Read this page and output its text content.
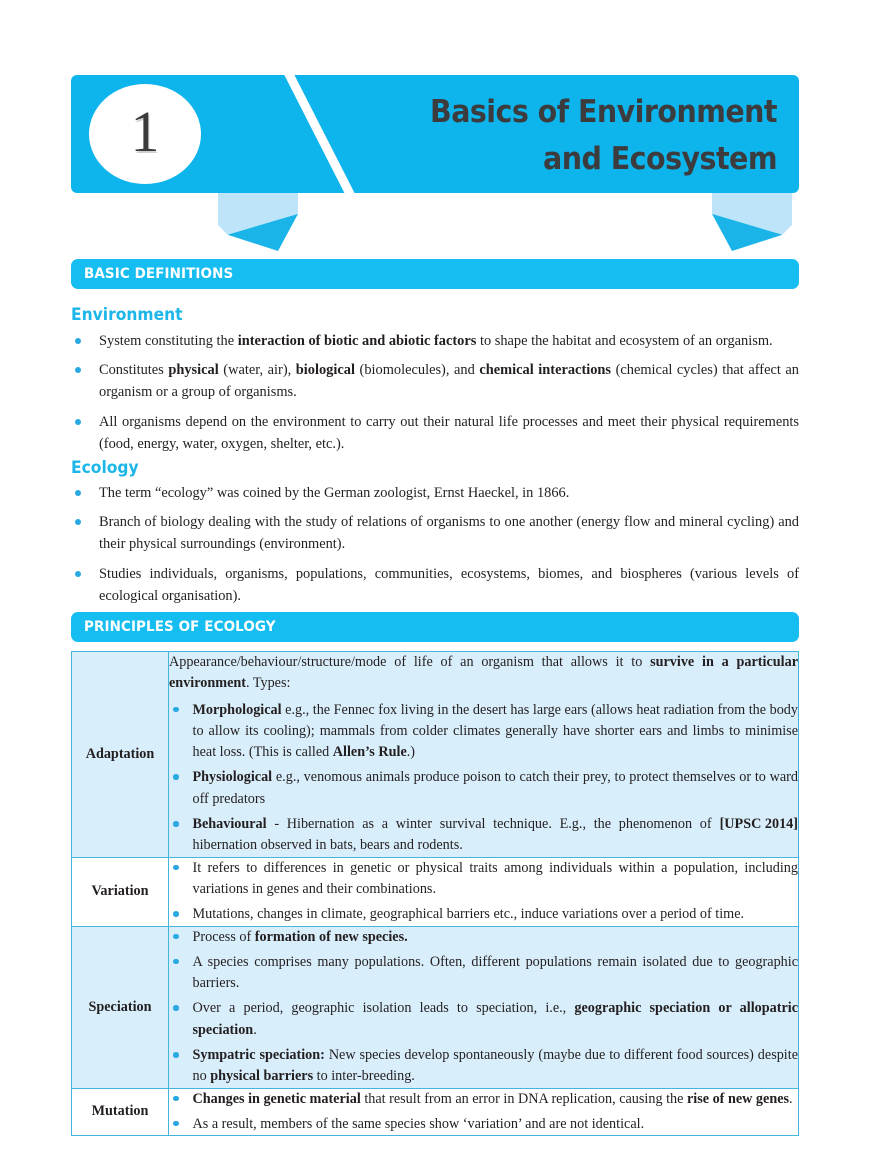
1	Basics of Environment
and Ecosystem
BASIC DEFINITIONS
Environment
System constituting the interaction of biotic and abiotic factors to shape the habitat and ecosystem of an organism.
Constitutes physical (water, air), biological (biomolecules), and chemical interactions (chemical cycles) that affect an organism or a group of organisms.
All organisms depend on the environment to carry out their natural life processes and meet their physical requirements (food, energy, water, oxygen, shelter, etc.).
Ecology
The term “ecology” was coined by the German zoologist, Ernst Haeckel, in 1866.
Branch of biology dealing with the study of relations of organisms to one another (energy flow and mineral cycling) and their physical surroundings (environment).
Studies individuals, organisms, populations, communities, ecosystems, biomes, and biospheres (various levels of ecological organisation).
PRINCIPLES OF ECOLOGY
Adaptation	Appearance/behaviour/structure/mode of life of an organism that allows it to survive in a particular environment. Types:

Morphological e.g., the Fennec fox living in the desert has large ears (allows heat radiation from the body to allow its cooling); mammals from colder climates generally have shorter ears and limbs to minimise heat loss. (This is called Allen’s Rule.)
Physiological e.g., venomous animals produce poison to catch their prey, to protect themselves or to ward off predators
[UPSC 2014]
Behavioural - Hibernation as a winter survival technique. E.g., the phenomenon of hibernation observed in bats, bears and rodents.

Variation	It refers to differences in genetic or physical traits among individuals within a population, including variations in genes and their combinations.
Mutations, changes in climate, geographical barriers etc., induce variations over a period of time.

Speciation	Process of formation of new species.
A species comprises many populations. Often, different populations remain isolated due to geographic barriers.
Over a period, geographic isolation leads to speciation, i.e., geographic speciation or allopatric speciation.
Sympatric speciation: New species develop spontaneously (maybe due to different food sources) despite no physical barriers to inter-breeding.

Mutation	Changes in genetic material that result from an error in DNA replication, causing the rise of new genes.
As a result, members of the same species show ‘variation’ and are not identical.
